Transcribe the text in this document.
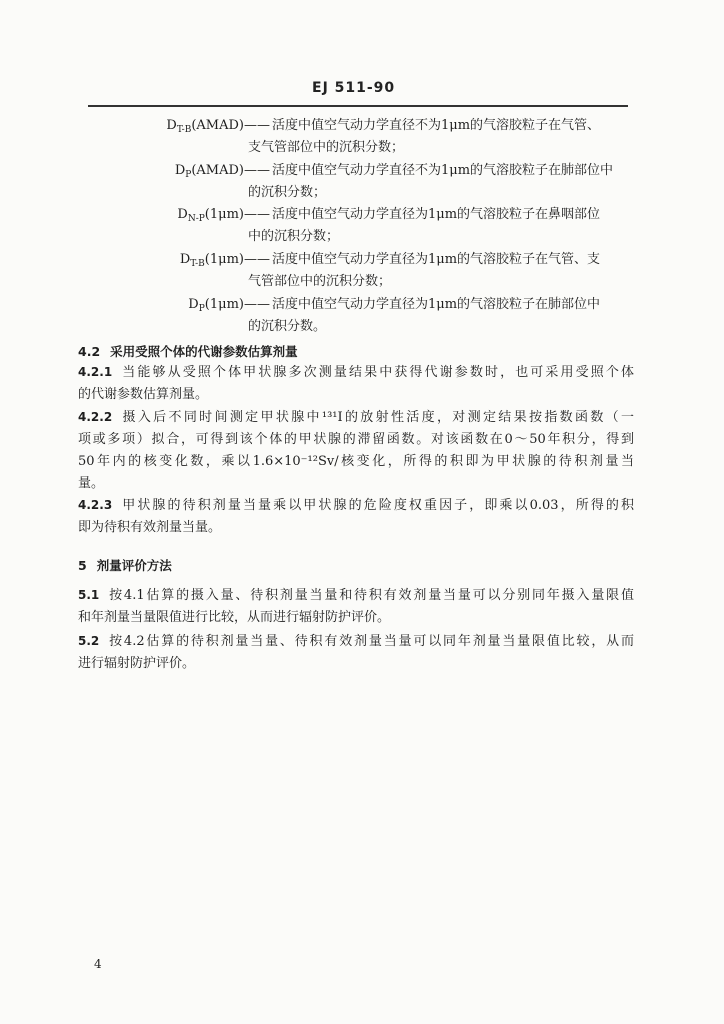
EJ 511-90
$D_{T-B}(AMAD)$ —— 活度中值空气动力学直径不为1μm的气溶胶粒子在气管、
支气管部位中的沉积分数；
$D_P(AMAD)$ —— 活度中值空气动力学直径不为1μm的气溶胶粒子在肺部位中
的沉积分数；
$D_{N-P}(1\mu m)$ —— 活度中值空气动力学直径为1μm的气溶胶粒子在鼻咽部位
中的沉积分数；
$D_{T-B}(1\mu m)$ —— 活度中值空气动力学直径为1μm的气溶胶粒子在气管、支
气管部位中的沉积分数；
$D_P(1\mu m)$ —— 活度中值空气动力学直径为1μm的气溶胶粒子在肺部位中
的沉积分数。
4.2 采用受照个体的代谢参数估算剂量
4.2.1 当能够从受照个体甲状腺多次测量结果中获得代谢参数时，也可采用受照个体
的代谢参数估算剂量。
4.2.2 摄入后不同时间测定甲状腺中¹³¹I的放射性活度，对测定结果按指数函数（一
项或多项）拟合，可得到该个体的甲状腺的滞留函数。对该函数在0～50年积分，得到
50年内的核变化数，乘以1.6×10⁻¹²Sv/核变化，所得的积即为甲状腺的待积剂量当
量。
4.2.3 甲状腺的待积剂量当量乘以甲状腺的危险度权重因子，即乘以0.03，所得的积
即为待积有效剂量当量。
5 剂量评价方法
5.1 按4.1估算的摄入量、待积剂量当量和待积有效剂量当量可以分别同年摄入量限值
和年剂量当量限值进行比较，从而进行辐射防护评价。
5.2 按4.2估算的待积剂量当量、待积有效剂量当量可以同年剂量当量限值比较，从而
进行辐射防护评价。
4
